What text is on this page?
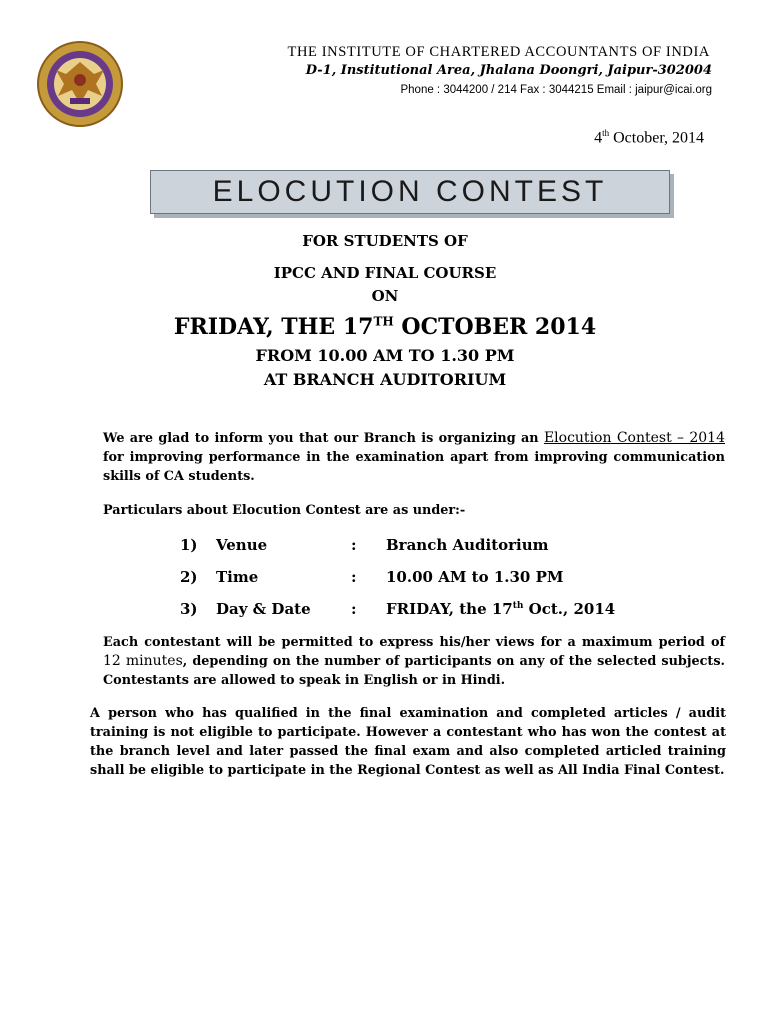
THE INSTITUTE OF CHARTERED ACCOUNTANTS OF INDIA
D-1, Institutional Area, Jhalana Doongri, Jaipur-302004
Phone : 3044200 / 214 Fax : 3044215 Email : jaipur@icai.org
4th October, 2014
ELOCUTION CONTEST
FOR STUDENTS OF
IPCC AND FINAL COURSE
ON
FRIDAY, THE 17TH OCTOBER 2014
FROM 10.00 AM TO 1.30 PM
AT BRANCH AUDITORIUM
We are glad to inform you that our Branch is organizing an Elocution Contest – 2014 for improving performance in the examination apart from improving communication skills of CA students.
Particulars about Elocution Contest are as under:-
1) Venue	: Branch Auditorium
2) Time	: 10.00 AM to 1.30 PM
3) Day & Date	: FRIDAY, the 17th Oct., 2014
Each contestant will be permitted to express his/her views for a maximum period of 12 minutes, depending on the number of participants on any of the selected subjects. Contestants are allowed to speak in English or in Hindi.
A person who has qualified in the final examination and completed articles / audit training is not eligible to participate. However a contestant who has won the contest at the branch level and later passed the final exam and also completed articled training shall be eligible to participate in the Regional Contest as well as All India Final Contest.
